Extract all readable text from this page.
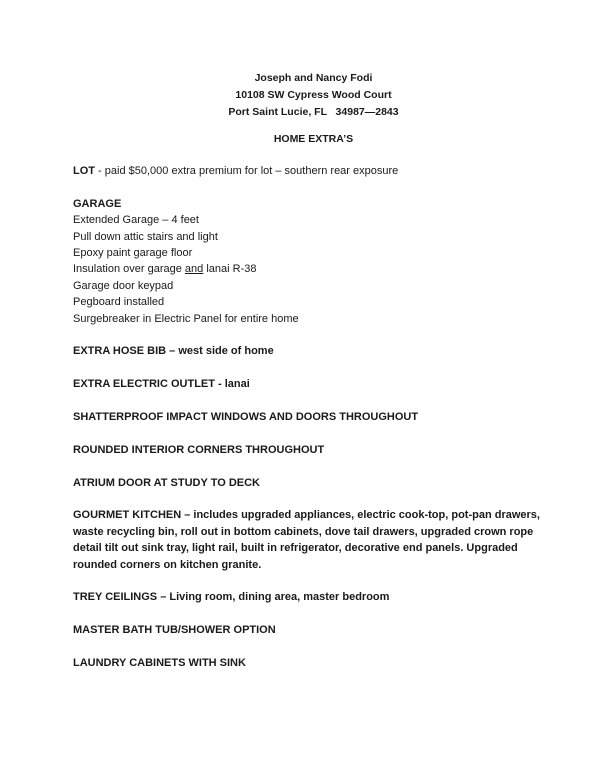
Joseph and Nancy Fodi
10108 SW Cypress Wood Court
Port Saint Lucie, FL   34987—2843
HOME EXTRA’S
LOT - paid $50,000 extra premium for lot – southern rear exposure
GARAGE
Extended Garage – 4 feet
Pull down attic stairs and light
Epoxy paint garage floor
Insulation over garage and lanai R-38
Garage door keypad
Pegboard installed
Surgebreaker in Electric Panel for entire home
EXTRA HOSE BIB – west side of home
EXTRA ELECTRIC OUTLET - lanai
SHATTERPROOF IMPACT WINDOWS AND DOORS THROUGHOUT
ROUNDED INTERIOR CORNERS THROUGHOUT
ATRIUM DOOR AT STUDY TO DECK
GOURMET KITCHEN – includes upgraded appliances, electric cook-top, pot-pan drawers,
waste recycling bin, roll out in bottom cabinets, dove tail drawers, upgraded crown rope
detail tilt out sink tray, light rail, built in refrigerator, decorative end panels. Upgraded
rounded corners on kitchen granite.
TREY CEILINGS – Living room, dining area, master bedroom
MASTER BATH TUB/SHOWER OPTION
LAUNDRY CABINETS WITH SINK
